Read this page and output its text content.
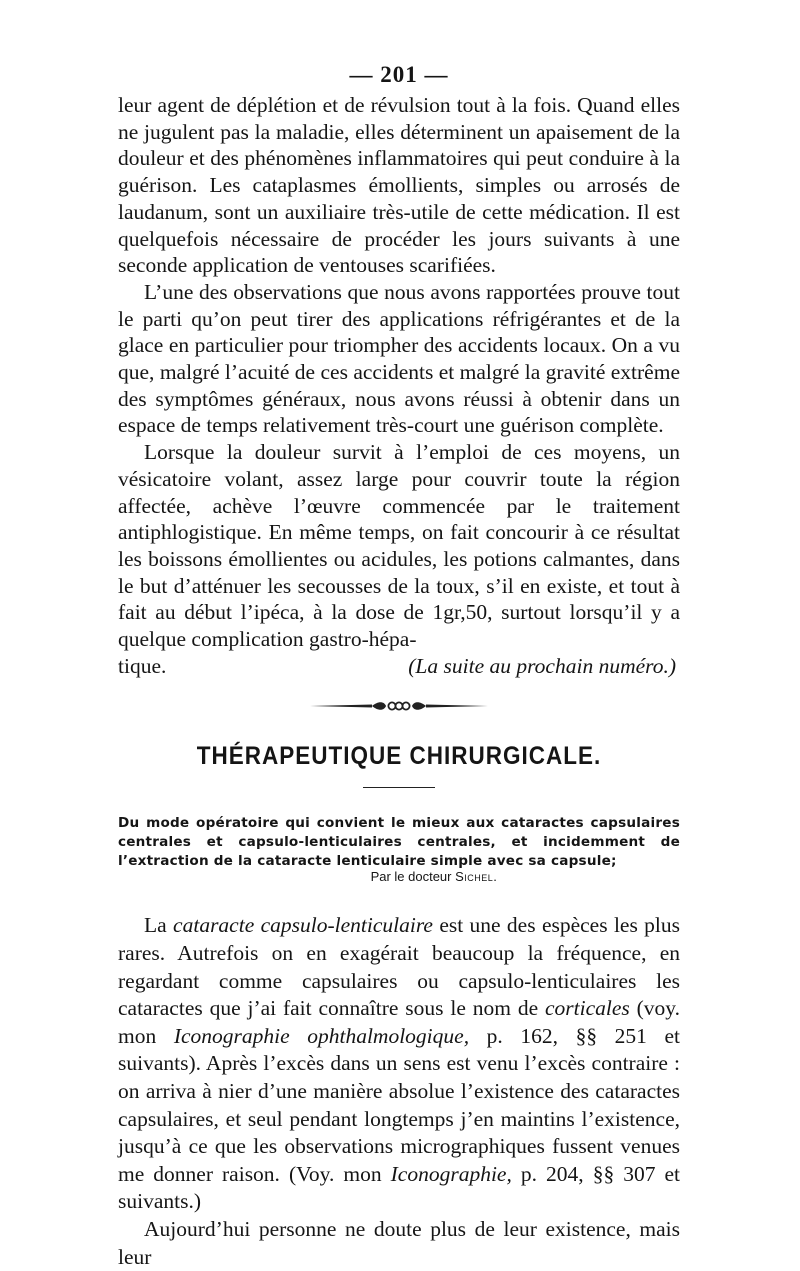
— 201 —

leur agent de déplétion et de révulsion tout à la fois. Quand elles ne jugulent pas la maladie, elles déterminent un apaisement de la douleur et des phénomènes inflammatoires qui peut conduire à la guérison. Les cataplasmes émollients, simples ou arrosés de laudanum, sont un auxiliaire très-utile de cette médication. Il est quelquefois nécessaire de procéder les jours suivants à une seconde application de ventouses scarifiées.

L’une des observations que nous avons rapportées prouve tout le parti qu’on peut tirer des applications réfrigérantes et de la glace en particulier pour triompher des accidents locaux. On a vu que, malgré l’acuité de ces accidents et malgré la gravité extrême des symptômes généraux, nous avons réussi à obtenir dans un espace de temps relativement très-court une guérison complète.

Lorsque la douleur survit à l’emploi de ces moyens, un vésicatoire volant, assez large pour couvrir toute la région affectée, achève l’œuvre commencée par le traitement antiphlogistique. En même temps, on fait concourir à ce résultat les boissons émollientes ou acidules, les potions calmantes, dans le but d’atténuer les secousses de la toux, s’il en existe, et tout à fait au début l’ipéca, à la dose de 1gr,50, surtout lorsqu’il y a quelque complication gastro-hépa-

tique.	(La suite au prochain numéro.)
THÉRAPEUTIQUE CHIRURGICALE.

Du mode opératoire qui convient le mieux aux cataractes capsulaires centrales et capsulo-lenticulaires centrales, et incidemment de l’extraction de la cataracte lenticulaire simple avec sa capsule;

Par le docteur Sichel.

La cataracte capsulo-lenticulaire est une des espèces les plus rares. Autrefois on en exagérait beaucoup la fréquence, en regardant comme capsulaires ou capsulo-lenticulaires les cataractes que j’ai fait connaître sous le nom de corticales (voy. mon Iconographie ophthalmologique, p. 162, §§ 251 et suivants). Après l’excès dans un sens est venu l’excès contraire : on arriva à nier d’une manière absolue l’existence des cataractes capsulaires, et seul pendant longtemps j’en maintins l’existence, jusqu’à ce que les observations micrographiques fussent venues me donner raison. (Voy. mon Iconographie, p. 204, §§ 307 et suivants.)

Aujourd’hui personne ne doute plus de leur existence, mais leur
